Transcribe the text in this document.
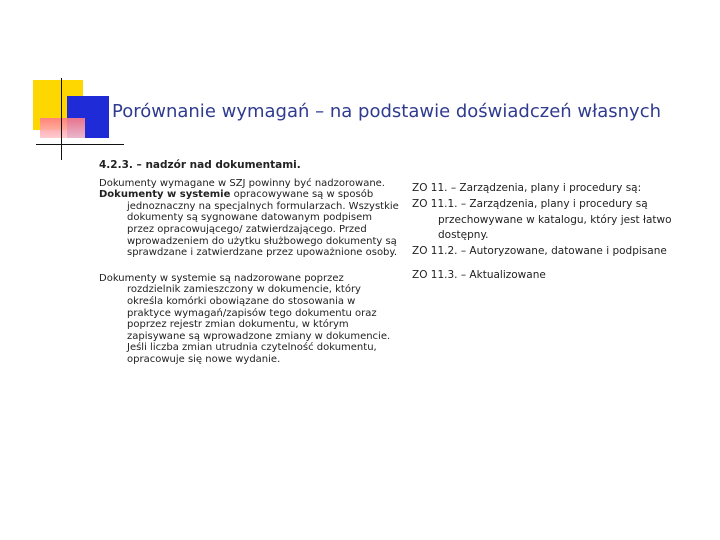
Porównanie wymagań – na podstawie doświadczeń własnych
4.2.3. – nadzór nad dokumentami.
Dokumenty wymagane w SZJ powinny być nadzorowane.
Dokumenty w systemie opracowywane są w sposób jednoznaczny na specjalnych formularzach. Wszystkie dokumenty są sygnowane datowanym podpisem przez opracowującego/ zatwierdzającego. Przed wprowadzeniem do użytku służbowego dokumenty są sprawdzane i zatwierdzane przez upoważnione osoby.
Dokumenty w systemie są nadzorowane poprzez rozdzielnik zamieszczony w dokumencie, który określa komórki obowiązane do stosowania w praktyce wymagań/zapisów tego dokumentu oraz poprzez rejestr zmian dokumentu, w którym zapisywane są wprowadzone zmiany w dokumencie. Jeśli liczba zmian utrudnia czytelność dokumentu, opracowuje się nowe wydanie.
ZO 11. – Zarządzenia, plany i procedury są:
ZO 11.1. – Zarządzenia, plany i procedury są przechowywane w katalogu, który jest łatwo dostępny.
ZO 11.2. – Autoryzowane, datowane i podpisane
ZO 11.3. – Aktualizowane
